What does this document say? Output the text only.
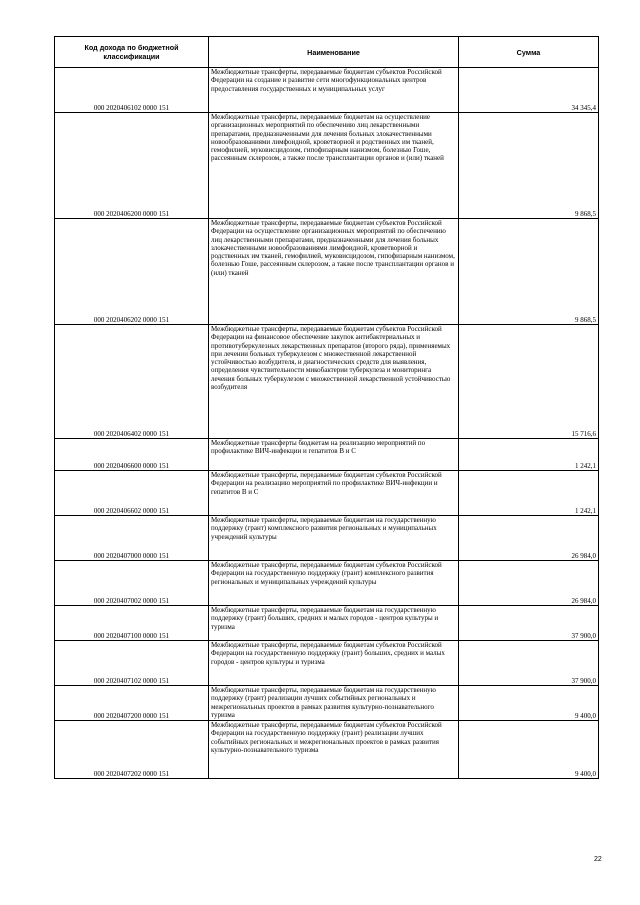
Код дохода по бюджетной классификации	Наименование	Сумма
000 2020406102 0000 151	Межбюджетные трансферты, передаваемые бюджетам субъектов Российской Федерации на создание и развитие сети многофункциональных центров предоставления государственных и муниципальных услуг	34 345,4
000 2020406200 0000 151	Межбюджетные трансферты, передаваемые бюджетам на осуществление организационных мероприятий по обеспечению лиц лекарственными препаратами, предназначенными для лечения больных злокачественными новообразованиями лимфоидной, кроветворной и родственных им тканей, гемофилией, муковисцидозом, гипофизарным нанизмом, болезнью Гоше, рассеянным склерозом, а также после трансплантации органов и (или) тканей	9 868,5
000 2020406202 0000 151	Межбюджетные трансферты, передаваемые бюджетам субъектов Российской Федерации на осуществление организационных мероприятий по обеспечению лиц лекарственными препаратами, предназначенными для лечения больных злокачественными новообразованиями лимфоидной, кроветворной и родственных им тканей, гемофилией, муковисцидозом, гипофизарным нанизмом, болезнью Гоше, рассеянным склерозом, а также после трансплантации органов и (или) тканей	9 868,5
000 2020406402 0000 151	Межбюджетные трансферты, передаваемые бюджетам субъектов Российской Федерации на финансовое обеспечение закупок антибактериальных и противотуберкулезных лекарственных препаратов (второго ряда), применяемых при лечении больных туберкулезом с множественной лекарственной устойчивостью возбудителя, и диагностических средств для выявления, определения чувствительности микобактерии туберкулеза и мониторинга лечения больных туберкулезом с множественной лекарственной устойчивостью возбудителя	15 716,6
000 2020406600 0000 151	Межбюджетные трансферты бюджетам на реализацию мероприятий по профилактике ВИЧ-инфекции и гепатитов В и С	1 242,1
000 2020406602 0000 151	Межбюджетные трансферты, передаваемые бюджетам субъектов Российской Федерации на реализацию мероприятий по профилактике ВИЧ-инфекции и гепатитов В и С	1 242,1
000 2020407000 0000 151	Межбюджетные трансферты, передаваемые бюджетам на государственную поддержку (грант) комплексного развития региональных и муниципальных учреждений культуры	26 984,0
000 2020407002 0000 151	Межбюджетные трансферты, передаваемые бюджетам субъектов Российской Федерации на государственную поддержку (грант) комплексного развития региональных и муниципальных учреждений культуры	26 984,0
000 2020407100 0000 151	Межбюджетные трансферты, передаваемые бюджетам на государственную поддержку (грант) больших, средних и малых городов - центров культуры и туризма	37 900,0
000 2020407102 0000 151	Межбюджетные трансферты, передаваемые бюджетам субъектов Российской Федерации на государственную поддержку (грант) больших, средних и малых городов - центров культуры и туризма	37 900,0
000 2020407200 0000 151	Межбюджетные трансферты, передаваемые бюджетам на государственную поддержку (грант) реализации лучших событийных региональных и межрегиональных проектов в рамках развития культурно-познавательного туризма	9 400,0
000 2020407202 0000 151	Межбюджетные трансферты, передаваемые бюджетам субъектов Российской Федерации на государственную поддержку (грант) реализации лучших событийных региональных и межрегиональных проектов в рамках развития культурно-познавательного туризма	9 400,0
22
